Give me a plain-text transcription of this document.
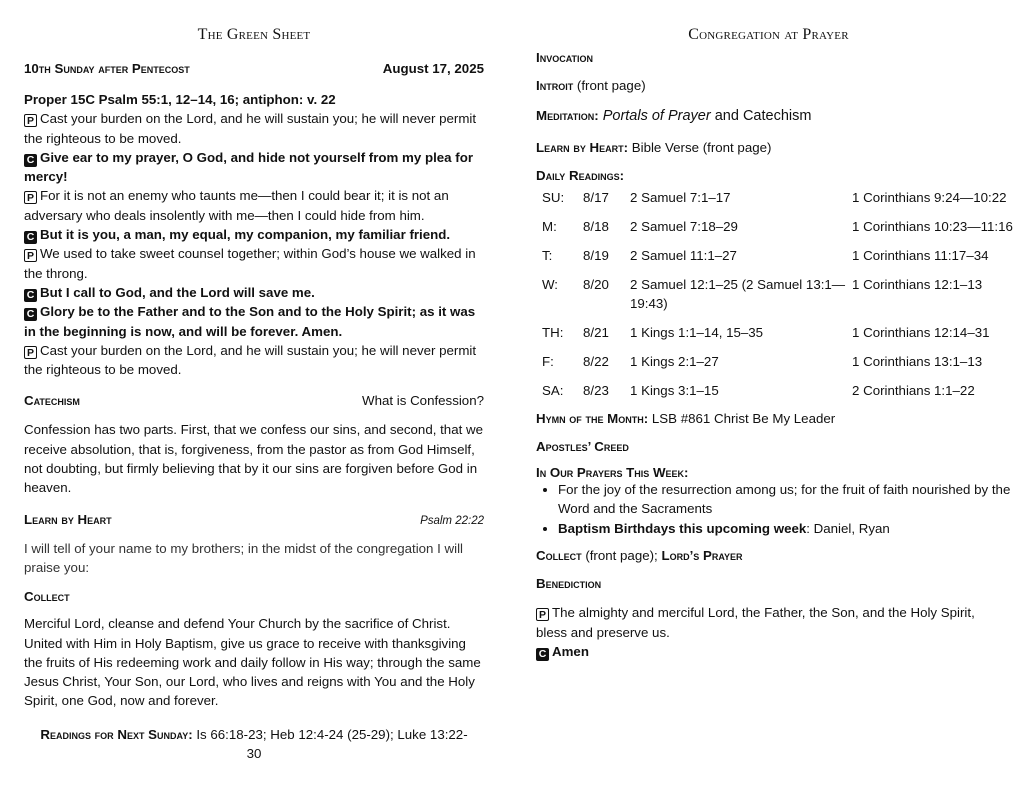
The Green Sheet
10th Sunday after Pentecost	August 17, 2025

Proper 15C Psalm 55:1, 12–14, 16; antiphon: v. 22

P Cast your burden on the Lord, and he will sustain you; he will never permit the righteous to be moved.

C Give ear to my prayer, O God, and hide not yourself from my plea for mercy!

P For it is not an enemy who taunts me—then I could bear it; it is not an adversary who deals insolently with me—then I could hide from him.

C But it is you, a man, my equal, my companion, my familiar friend.

P We used to take sweet counsel together; within God’s house we walked in the throng.

C But I call to God, and the Lord will save me.

C Glory be to the Father and to the Son and to the Holy Spirit; as it was in the beginning is now, and will be forever. Amen.

P Cast your burden on the Lord, and he will sustain you; he will never permit the righteous to be moved.

Catechism	What is Confession?

Confession has two parts. First, that we confess our sins, and second, that we receive absolution, that is, forgiveness, from the pastor as from God Himself, not doubting, but firmly believing that by it our sins are forgiven before God in heaven.

Learn by Heart	Psalm 22:22

I will tell of your name to my brothers; in the midst of the congregation I will praise you:

Collect

Merciful Lord, cleanse and defend Your Church by the sacrifice of Christ. United with Him in Holy Baptism, give us grace to receive with thanksgiving the fruits of His redeeming work and daily follow in His way; through the same Jesus Christ, Your Son, our Lord, who lives and reigns with You and the Holy Spirit, one God, now and forever.

Readings for Next Sunday: Is 66:18-23; Heb 12:4-24 (25-29); Luke 13:22-30

Congregation at Prayer
Invocation

Introit (front page)

Meditation: Portals of Prayer and Catechism

Learn by Heart: Bible Verse (front page)

Daily Readings:
SU:	8/17	2 Samuel 7:1–17	1 Corinthians 9:24—10:22
M:	8/18	2 Samuel 7:18–29	1 Corinthians 10:23—11:16
T:	8/19	2 Samuel 11:1–27	1 Corinthians 11:17–34
W:	8/20	2 Samuel 12:1–25 (2 Samuel 13:1—19:43)	1 Corinthians 12:1–13
TH:	8/21	1 Kings 1:1–14, 15–35	1 Corinthians 12:14–31
F:	8/22	1 Kings 2:1–27	1 Corinthians 13:1–13
SA:	8/23	1 Kings 3:1–15	2 Corinthians 1:1–22

Hymn of the Month: LSB #861 Christ Be My Leader

Apostles’ Creed
In Our Prayers This Week:
• For the joy of the resurrection among us; for the fruit of faith nourished by the Word and the Sacraments
• Baptism Birthdays this upcoming week: Daniel, Ryan

Collect (front page); Lord’s Prayer

Benediction

P The almighty and merciful Lord, the Father, the Son, and the Holy Spirit, bless and preserve us.

C Amen
